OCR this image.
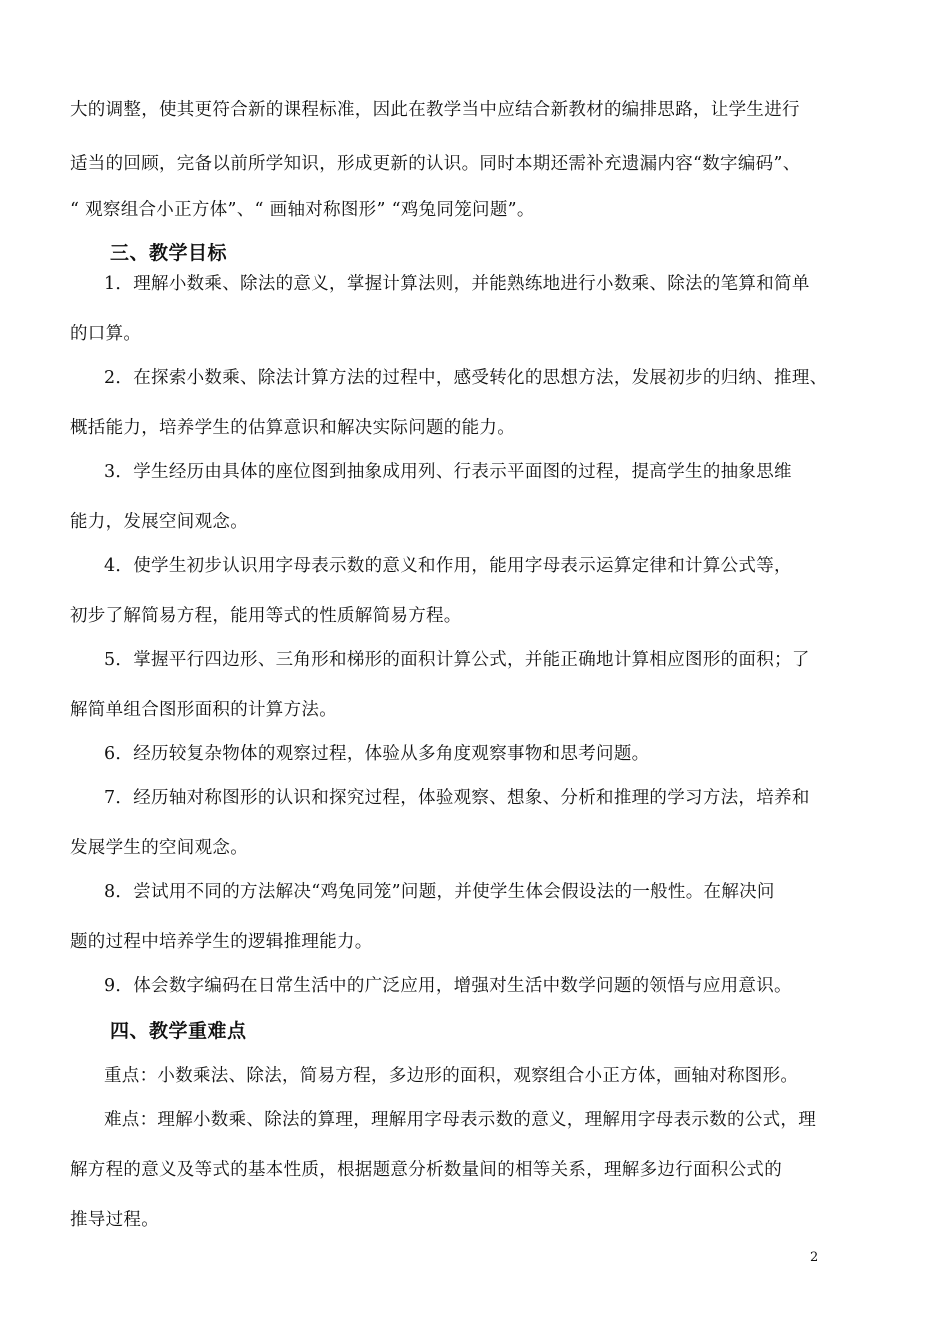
大的调整，使其更符合新的课程标准，因此在教学当中应结合新教材的编排思路，让学生进行
适当的回顾，完备以前所学知识，形成更新的认识。同时本期还需补充遗漏内容“数字编码”、
“ 观察组合小正方体”、“ 画轴对称图形” “鸡兔同笼问题”。
三、教学目标
1．理解小数乘、除法的意义，掌握计算法则，并能熟练地进行小数乘、除法的笔算和简单
的口算。
2．在探索小数乘、除法计算方法的过程中，感受转化的思想方法，发展初步的归纳、推理、
概括能力，培养学生的估算意识和解决实际问题的能力。
3．学生经历由具体的座位图到抽象成用列、行表示平面图的过程，提高学生的抽象思维
能力，发展空间观念。
4．使学生初步认识用字母表示数的意义和作用，能用字母表示运算定律和计算公式等，
初步了解简易方程，能用等式的性质解简易方程。
5．掌握平行四边形、三角形和梯形的面积计算公式，并能正确地计算相应图形的面积；了
解简单组合图形面积的计算方法。
6．经历较复杂物体的观察过程，体验从多角度观察事物和思考问题。
7．经历轴对称图形的认识和探究过程，体验观察、想象、分析和推理的学习方法，培养和
发展学生的空间观念。
8．尝试用不同的方法解决“鸡兔同笼”问题，并使学生体会假设法的一般性。在解决问
题的过程中培养学生的逻辑推理能力。
9．体会数字编码在日常生活中的广泛应用，增强对生活中数学问题的领悟与应用意识。
四、教学重难点
重点：小数乘法、除法，简易方程，多边形的面积，观察组合小正方体，画轴对称图形。
难点：理解小数乘、除法的算理，理解用字母表示数的意义，理解用字母表示数的公式，理
解方程的意义及等式的基本性质，根据题意分析数量间的相等关系，理解多边行面积公式的
推导过程。
2
